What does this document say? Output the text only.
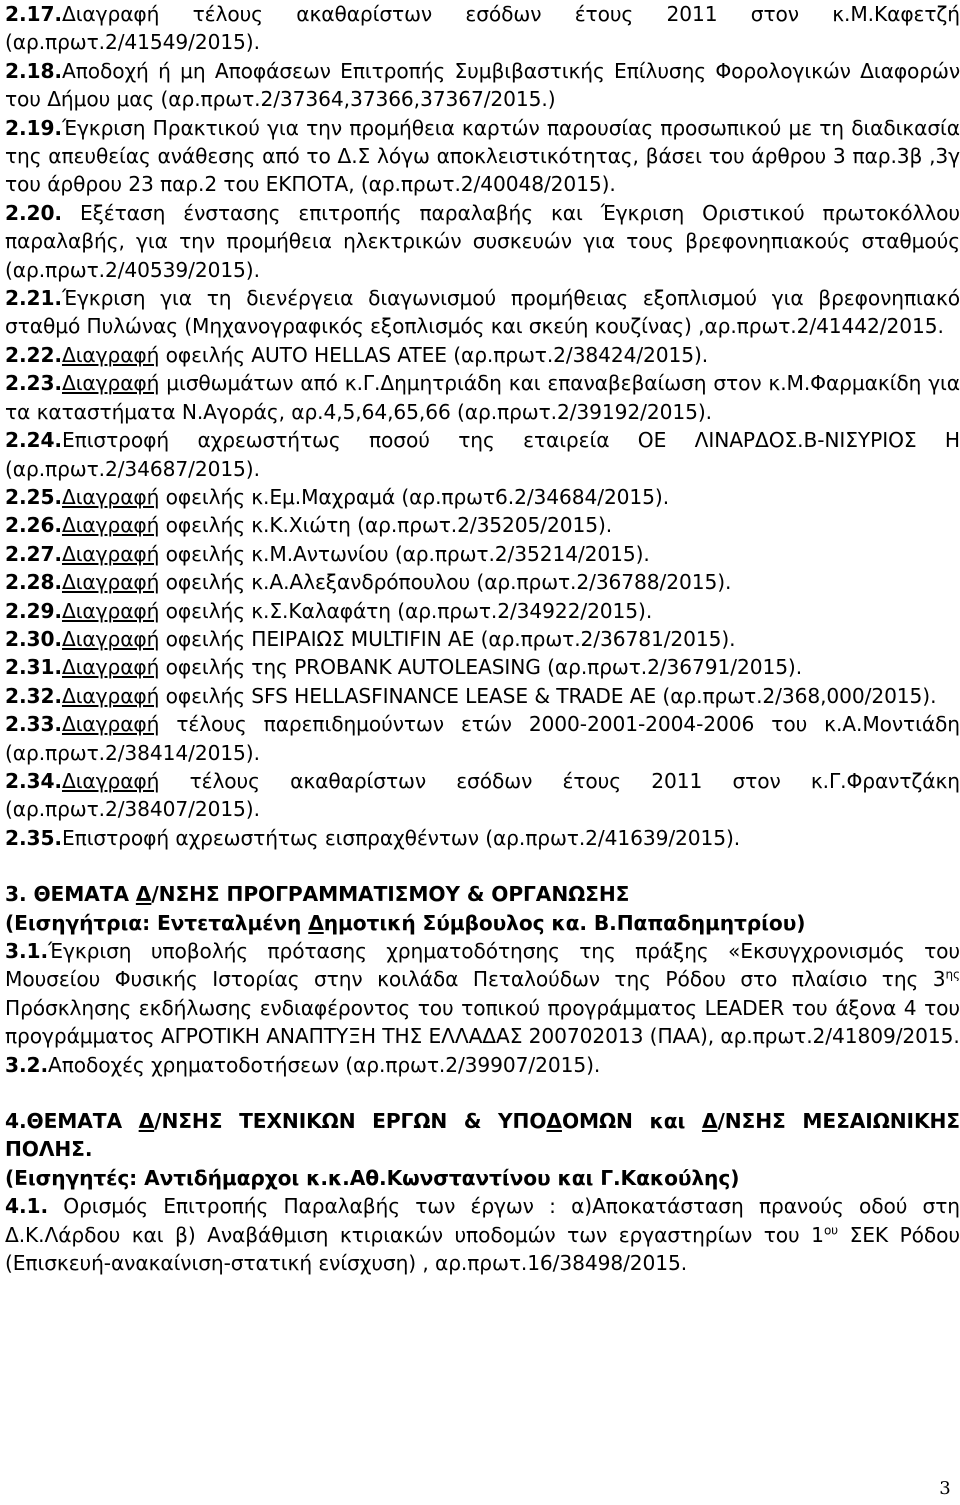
2.17.Διαγραφή τέλους ακαθαρίστων εσόδων έτους 2011 στον κ.Μ.Καφετζή (αρ.πρωτ.2/41549/2015).

2.18.Αποδοχή ή μη Αποφάσεων Επιτροπής Συμβιβαστικής Επίλυσης Φορολογικών Διαφορών του Δήμου μας (αρ.πρωτ.2/37364,37366,37367/2015.)

2.19.Έγκριση Πρακτικού για την προμήθεια καρτών παρουσίας προσωπικού με τη διαδικασία της απευθείας ανάθεσης από το Δ.Σ λόγω αποκλειστικότητας, βάσει του άρθρου 3 παρ.3β ,3γ του άρθρου 23 παρ.2 του ΕΚΠΟΤΑ, (αρ.πρωτ.2/40048/2015).

2.20. Εξέταση ένστασης επιτροπής παραλαβής και Έγκριση Οριστικού πρωτοκόλλου παραλαβής, για την προμήθεια ηλεκτρικών συσκευών για τους βρεφονηπιακούς σταθμούς (αρ.πρωτ.2/40539/2015).

2.21.Έγκριση για τη διενέργεια διαγωνισμού προμήθειας εξοπλισμού για βρεφονηπιακό σταθμό Πυλώνας (Μηχανογραφικός εξοπλισμός και σκεύη κουζίνας) ,αρ.πρωτ.2/41442/2015.

2.22.Διαγραφή οφειλής AUTO HELLAS ATEE (αρ.πρωτ.2/38424/2015).

2.23.Διαγραφή μισθωμάτων από κ.Γ.Δημητριάδη και επαναβεβαίωση στον κ.Μ.Φαρμακίδη για τα καταστήματα Ν.Αγοράς, αρ.4,5,64,65,66 (αρ.πρωτ.2/39192/2015).

2.24.Επιστροφή αχρεωστήτως ποσού της εταιρεία ΟΕ ΛΙΝΑΡΔΟΣ.Β-ΝΙΣΥΡΙΟΣ Η (αρ.πρωτ.2/34687/2015).

2.25.Διαγραφή οφειλής κ.Εμ.Μαχραμά (αρ.πρωτ6.2/34684/2015).

2.26.Διαγραφή οφειλής κ.Κ.Χιώτη (αρ.πρωτ.2/35205/2015).

2.27.Διαγραφή οφειλής κ.Μ.Αντωνίου (αρ.πρωτ.2/35214/2015).

2.28.Διαγραφή οφειλής κ.Α.Αλεξανδρόπουλου (αρ.πρωτ.2/36788/2015).

2.29.Διαγραφή οφειλής κ.Σ.Καλαφάτη (αρ.πρωτ.2/34922/2015).

2.30.Διαγραφή οφειλής ΠΕΙΡΑΙΩΣ MULTIFIN AE (αρ.πρωτ.2/36781/2015).

2.31.Διαγραφή οφειλής της PROBANK AUTOLEASING (αρ.πρωτ.2/36791/2015).

2.32.Διαγραφή οφειλής SFS HELLASFINANCE LEASE & TRADE AE (αρ.πρωτ.2/368,000/2015).

2.33.Διαγραφή τέλους παρεπιδημούντων ετών 2000-2001-2004-2006 του κ.Α.Μοντιάδη (αρ.πρωτ.2/38414/2015).

2.34.Διαγραφή τέλους ακαθαρίστων εσόδων έτους 2011 στον κ.Γ.Φραντζάκη (αρ.πρωτ.2/38407/2015).

2.35.Επιστροφή αχρεωστήτως εισπραχθέντων (αρ.πρωτ.2/41639/2015).

3. ΘΕΜΑΤΑ Δ/ΝΣΗΣ ΠΡΟΓΡΑΜΜΑΤΙΣΜΟΥ & ΟΡΓΑΝΩΣΗΣ

(Εισηγήτρια: Εντεταλμένη Δημοτική Σύμβουλος κα. Β.Παπαδημητρίου)

3.1.Έγκριση υποβολής πρότασης χρηματοδότησης της πράξης «Εκσυγχρονισμός του Μουσείου Φυσικής Ιστορίας στην κοιλάδα Πεταλούδων της Ρόδου στο πλαίσιο της $3^{\eta\varsigma}$ Πρόσκλησης εκδήλωσης ενδιαφέροντος του τοπικού προγράμματος LEADER του άξονα 4 του προγράμματος ΑΓΡΟΤΙΚΗ ΑΝΑΠΤΥΞΗ ΤΗΣ ΕΛΛΑΔΑΣ 200702013 (ΠΑΑ), αρ.πρωτ.2/41809/2015.

3.2.Αποδοχές χρηματοδοτήσεων (αρ.πρωτ.2/39907/2015).

4.ΘΕΜΑΤΑ Δ/ΝΣΗΣ ΤΕΧΝΙΚΩΝ ΕΡΓΩΝ & ΥΠΟΔΟΜΩΝ και Δ/ΝΣΗΣ ΜΕΣΑΙΩΝΙΚΗΣ ΠΟΛΗΣ.

(Εισηγητές: Αντιδήμαρχοι κ.κ.Αθ.Κωνσταντίνου και Γ.Κακούλης)

4.1. Ορισμός Επιτροπής Παραλαβής των έργων : α)Αποκατάσταση πρανούς οδού στη Δ.Κ.Λάρδου και β) Αναβάθμιση κτιριακών υποδομών των εργαστηρίων του $1^{o\upsilon}$ ΣΕΚ Ρόδου (Επισκευή-ανακαίνιση-στατική ενίσχυση) , αρ.πρωτ.16/38498/2015.

3
